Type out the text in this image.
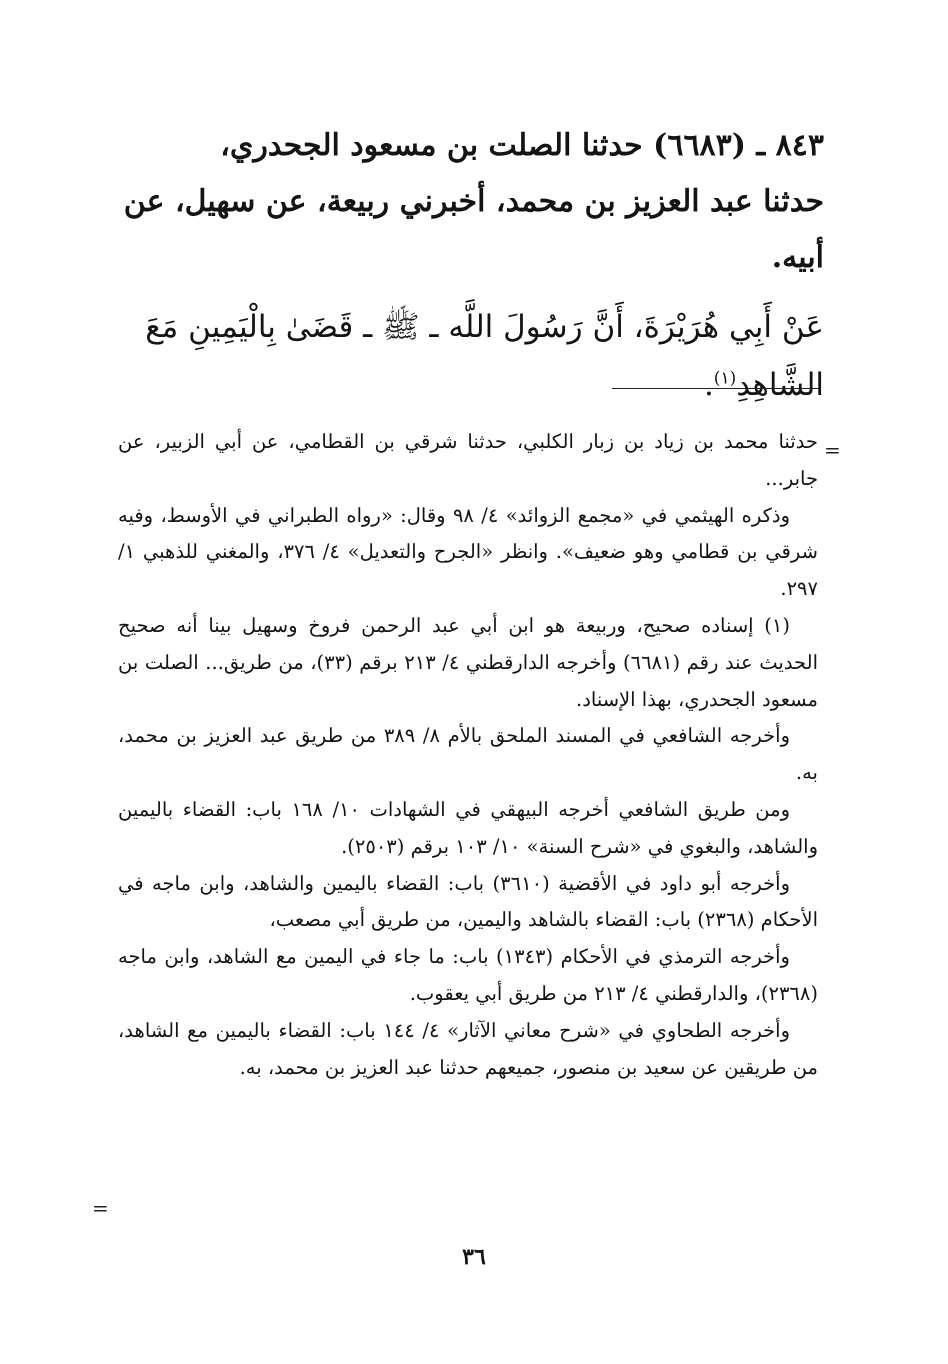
٨٤٣ ـ (٦٦٨٣) حدثنا الصلت بن مسعود الجحدري،

حدثنا عبد العزيز بن محمد، أخبرني ربيعة، عن سهيل، عن

أبيه.

عَنْ أَبِي هُرَيْرَةَ، أَنَّ رَسُولَ اللَّه ـ ﷺ ـ قَضَىٰ بِالْيَمِينِ مَعَ الشَّاهِدِ$^{(١)}$.

=

حدثنا محمد بن زياد بن زبار الكلبي، حدثنا شرقي بن القطامي، عن أبي الزبير، عن جابر...

وذكره الهيثمي في «مجمع الزوائد» ٤/ ٩٨ وقال: «رواه الطبراني في الأوسط، وفيه شرقي بن قطامي وهو ضعيف». وانظر «الجرح والتعديل» ٤/ ٣٧٦، والمغني للذهبي ١/ ٢٩٧.

(١) إسناده صحيح، وربيعة هو ابن أبي عبد الرحمن فروخ وسهيل بينا أنه صحيح الحديث عند رقم (٦٦٨١) وأخرجه الدارقطني ٤/ ٢١٣ برقم (٣٣)، من طريق... الصلت بن مسعود الجحدري، بهذا الإسناد.

وأخرجه الشافعي في المسند الملحق بالأم ٨/ ٣٨٩ من طريق عبد العزيز بن محمد، به.

ومن طريق الشافعي أخرجه البيهقي في الشهادات ١٠/ ١٦٨ باب: القضاء باليمين والشاهد، والبغوي في «شرح السنة» ١٠/ ١٠٣ برقم (٢٥٠٣).

وأخرجه أبو داود في الأقضية (٣٦١٠) باب: القضاء باليمين والشاهد، وابن ماجه في الأحكام (٢٣٦٨) باب: القضاء بالشاهد واليمين، من طريق أبي مصعب،

وأخرجه الترمذي في الأحكام (١٣٤٣) باب: ما جاء في اليمين مع الشاهد، وابن ماجه (٢٣٦٨)، والدارقطني ٤/ ٢١٣ من طريق أبي يعقوب.

وأخرجه الطحاوي في «شرح معاني الآثار» ٤/ ١٤٤ باب: القضاء باليمين مع الشاهد، من طريقين عن سعيد بن منصور، جميعهم حدثنا عبد العزيز بن محمد، به.

=
٣٦
